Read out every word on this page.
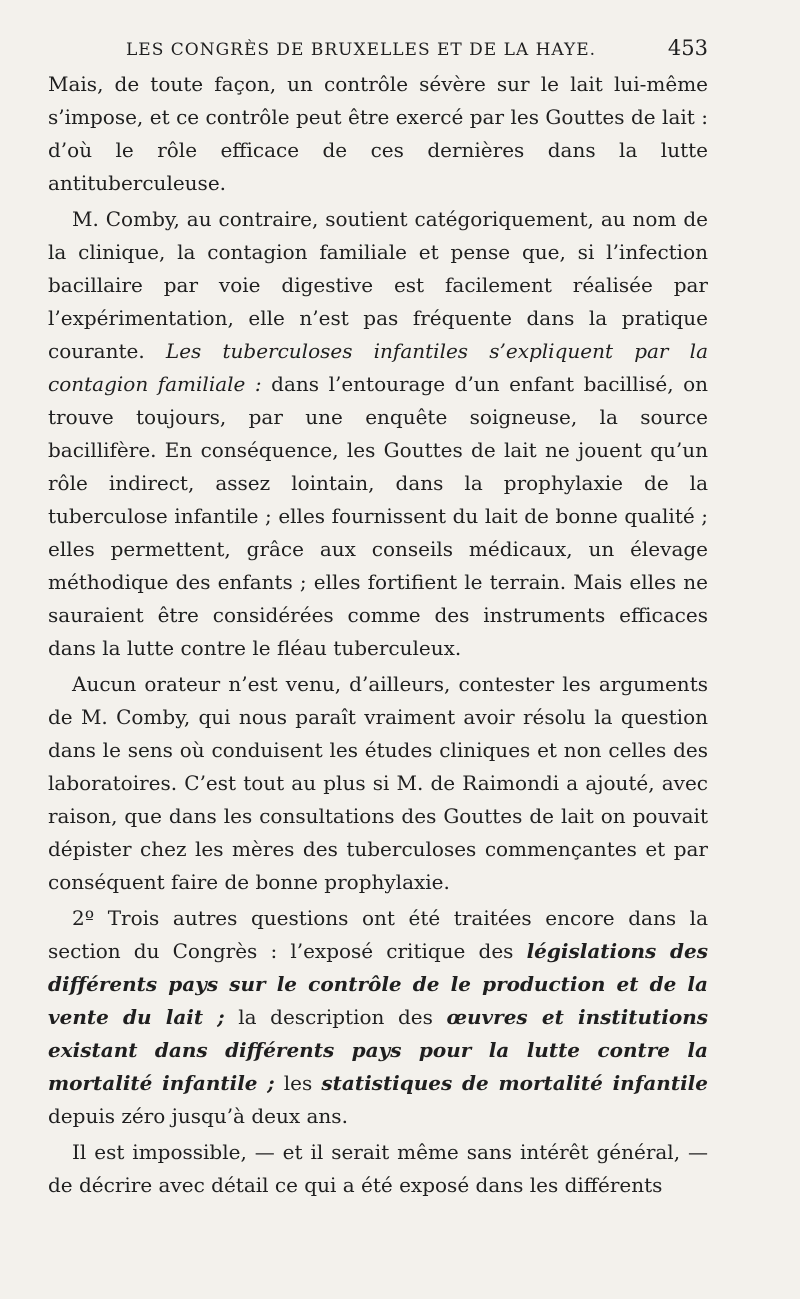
LES CONGRÈS DE BRUXELLES ET DE LA HAYE.	453

Mais, de toute façon, un contrôle sévère sur le lait lui-même s’impose, et ce contrôle peut être exercé par les Gouttes de lait : d’où le rôle efficace de ces dernières dans la lutte antituberculeuse.

M. Comby, au contraire, soutient catégoriquement, au nom de la clinique, la contagion familiale et pense que, si l’infection bacillaire par voie digestive est facilement réalisée par l’expérimentation, elle n’est pas fréquente dans la pratique courante. Les tuberculoses infantiles s’expliquent par la contagion familiale : dans l’entourage d’un enfant bacillisé, on trouve toujours, par une enquête soigneuse, la source bacillifère. En conséquence, les Gouttes de lait ne jouent qu’un rôle indirect, assez lointain, dans la prophylaxie de la tuberculose infantile ; elles fournissent du lait de bonne qualité ; elles permettent, grâce aux conseils médicaux, un élevage méthodique des enfants ; elles fortifient le terrain. Mais elles ne sauraient être considérées comme des instruments efficaces dans la lutte contre le fléau tuberculeux.

Aucun orateur n’est venu, d’ailleurs, contester les arguments de M. Comby, qui nous paraît vraiment avoir résolu la question dans le sens où conduisent les études cliniques et non celles des laboratoires. C’est tout au plus si M. de Raimondi a ajouté, avec raison, que dans les consultations des Gouttes de lait on pouvait dépister chez les mères des tuberculoses commençantes et par conséquent faire de bonne prophylaxie.

2º Trois autres questions ont été traitées encore dans la section du Congrès : l’exposé critique des législations des différents pays sur le contrôle de le production et de la vente du lait ; la description des œuvres et institutions existant dans différents pays pour la lutte contre la mortalité infantile ; les statistiques de mortalité infantile depuis zéro jusqu’à deux ans.

Il est impossible, — et il serait même sans intérêt général, — de décrire avec détail ce qui a été exposé dans les différents
